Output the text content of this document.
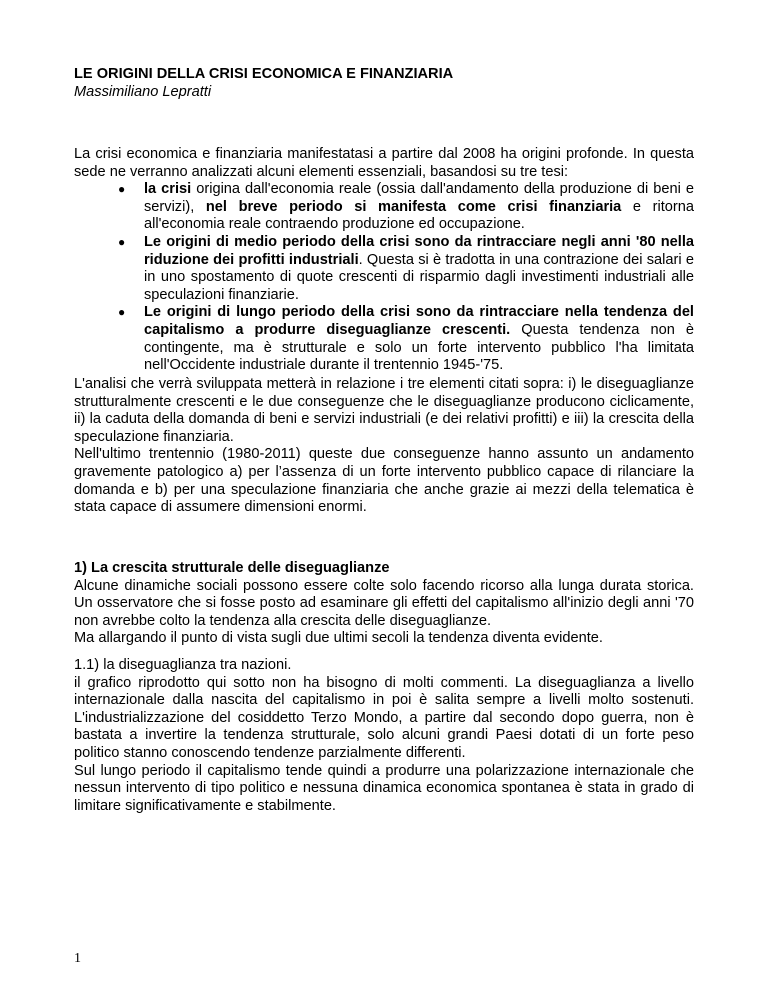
LE ORIGINI DELLA CRISI ECONOMICA E FINANZIARIA
Massimiliano Lepratti

La crisi economica e finanziaria manifestatasi a partire dal 2008 ha origini profonde. In questa sede ne verranno analizzati alcuni elementi essenziali, basandosi su tre tesi:

● la crisi origina dall'economia reale (ossia dall'andamento della produzione di beni e servizi), nel breve periodo si manifesta come crisi finanziaria e ritorna all'economia reale contraendo produzione ed occupazione.
● Le origini di medio periodo della crisi sono da rintracciare negli anni '80 nella riduzione dei profitti industriali. Questa si è tradotta in una contrazione dei salari e in uno spostamento di quote crescenti di risparmio dagli investimenti industriali alle speculazioni finanziarie.
● Le origini di lungo periodo della crisi sono da rintracciare nella tendenza del capitalismo a produrre diseguaglianze crescenti. Questa tendenza non è contingente, ma è strutturale e solo un forte intervento pubblico l'ha limitata nell'Occidente industriale durante il trentennio 1945-'75.

L'analisi che verrà sviluppata metterà in relazione i tre elementi citati sopra: i) le diseguaglianze strutturalmente crescenti e le due conseguenze che le diseguaglianze producono ciclicamente, ii) la caduta della domanda di beni e servizi industriali (e dei relativi profitti) e iii) la crescita della speculazione finanziaria.

Nell'ultimo trentennio (1980-2011) queste due conseguenze hanno assunto un andamento gravemente patologico a) per l’assenza di un forte intervento pubblico capace di rilanciare la domanda e b) per una speculazione finanziaria che anche grazie ai mezzi della telematica è stata capace di assumere dimensioni enormi.

1) La crescita strutturale delle diseguaglianze

Alcune dinamiche sociali possono essere colte solo facendo ricorso alla lunga durata storica. Un osservatore che si fosse posto ad esaminare gli effetti del capitalismo all'inizio degli anni '70 non avrebbe colto la tendenza alla crescita delle diseguaglianze.

Ma allargando il punto di vista sugli due ultimi secoli la tendenza diventa evidente.

1.1) la diseguaglianza tra nazioni.

il grafico riprodotto qui sotto non ha bisogno di molti commenti. La diseguaglianza a livello internazionale dalla nascita del capitalismo in poi è salita sempre a livelli molto sostenuti. L'industrializzazione del cosiddetto Terzo Mondo, a partire dal secondo dopo guerra, non è bastata a invertire la tendenza strutturale, solo alcuni grandi Paesi dotati di un forte peso politico stanno conoscendo tendenze parzialmente differenti.

Sul lungo periodo il capitalismo tende quindi a produrre una polarizzazione internazionale che nessun intervento di tipo politico e nessuna dinamica economica spontanea è stata in grado di limitare significativamente e stabilmente.

1
